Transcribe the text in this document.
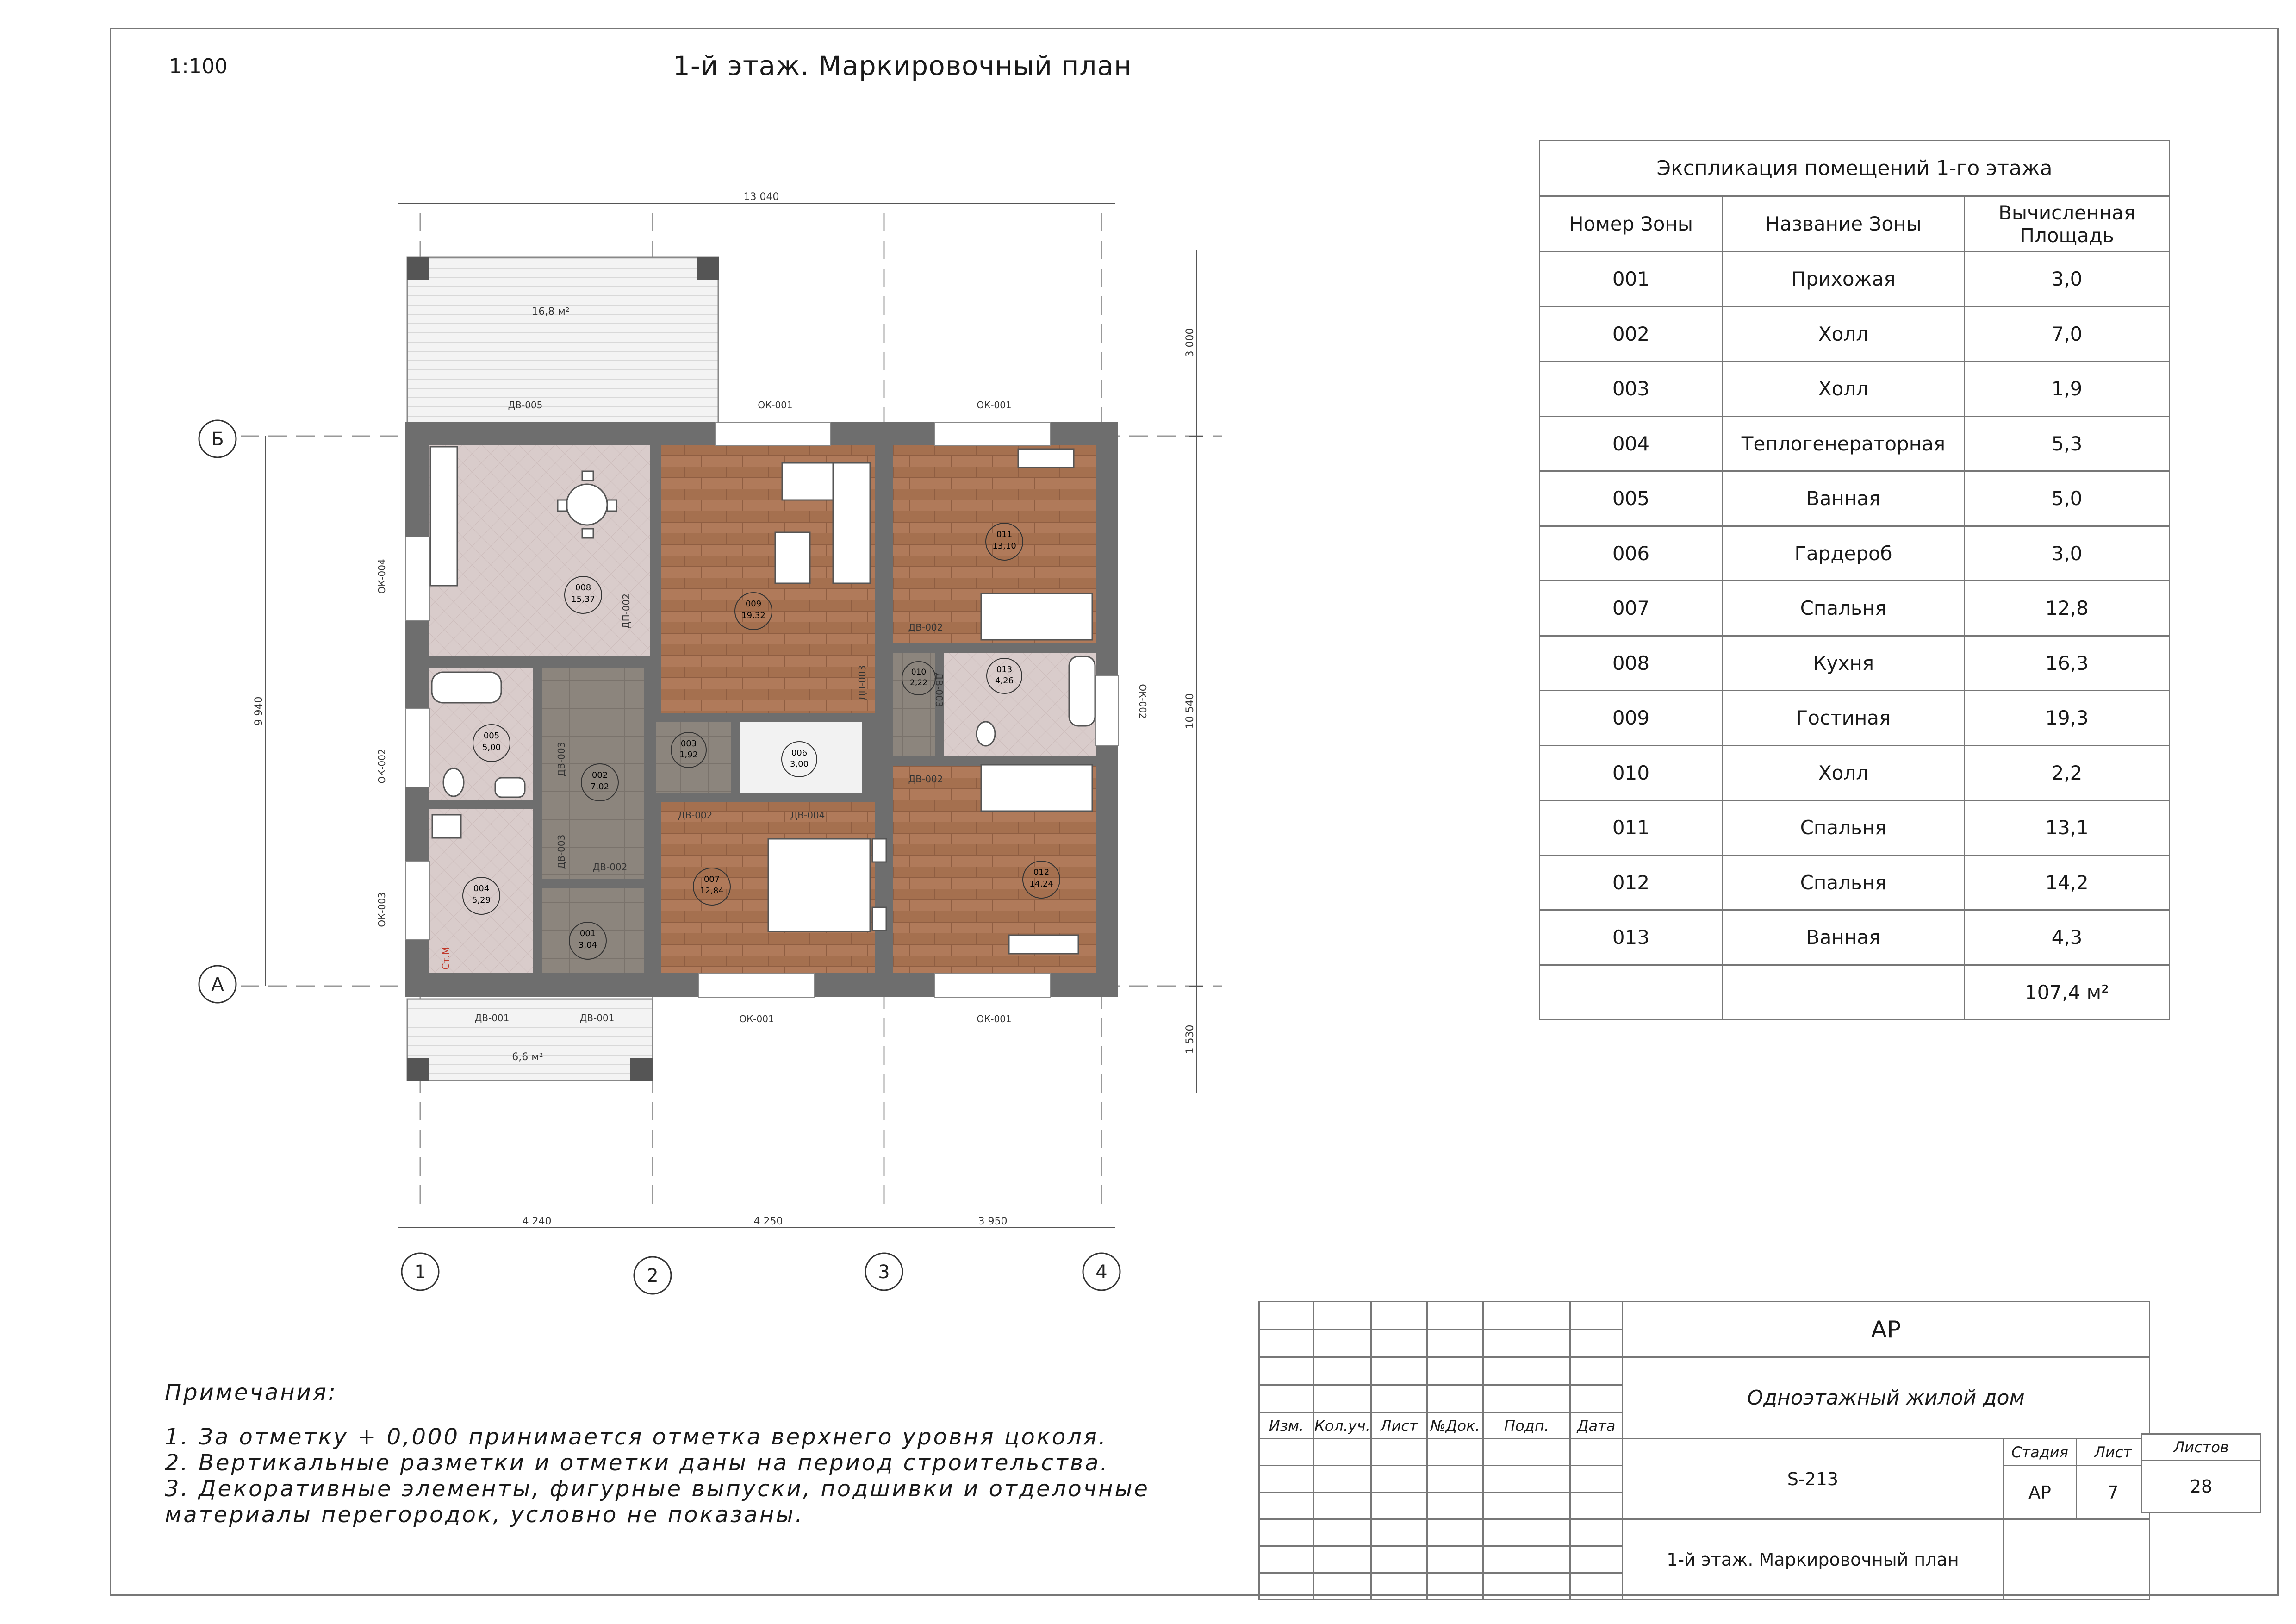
1:100	1-й этаж. Маркировочный план
16,8 м²
6,6 м²
001
3,04
002
7,02
003
1,92
004
5,29
005
5,00
006
3,00
007
12,84
008
15,37	009
19,32
010
2,22
011
13,10
012
14,24
013
4,26
ДВ-005	ОК-001	ОК-001
ОК-001	ОК-001
ДВ-001	ДВ-001
ДВ-002
ДВ-002
ДВ-002
ДВ-002
ДВ-004
Ст.М
ОК-004
ОК-002
ОК-003
ОК-002
ДП-002
ДП-003
ДВ-003
ДВ-003
ДВ-003
13 040
4 240	4 250	3 950
9 940
3 000
10 540
1 530
1	2	3	4
Б
А
Экспликация помещений 1-го этажа		
Номер Зоны	Название Зоны	Вычисленная Площадь
001	Прихожая	3,0
002	Холл	7,0
003	Холл	1,9
004	Теплогенераторная	5,3
005	Ванная	5,0
006	Гардероб	3,0
007	Спальня	12,8
008	Кухня	16,3
009	Гостиная	19,3
010	Холл	2,2
011	Спальня	13,1
012	Спальня	14,2
013	Ванная	4,3
		107,4 м²
Примечания:
1. За отметку + 0,000 принимается отметка верхнего уровня цоколя.
2. Вертикальные разметки и отметки даны на период строительства.
3. Декоративные элементы, фигурные выпуски, подшивки и отделочные материалы перегородок, условно не показаны.
						АР		

						Одноэтажный жилой дом		

Изм.	Кол.уч.	Лист	№Док.	Подп.	Дата			
						S-213	Стадия	Лист
							АР	7

						1-й этаж. Маркировочный план		

Листов
28
